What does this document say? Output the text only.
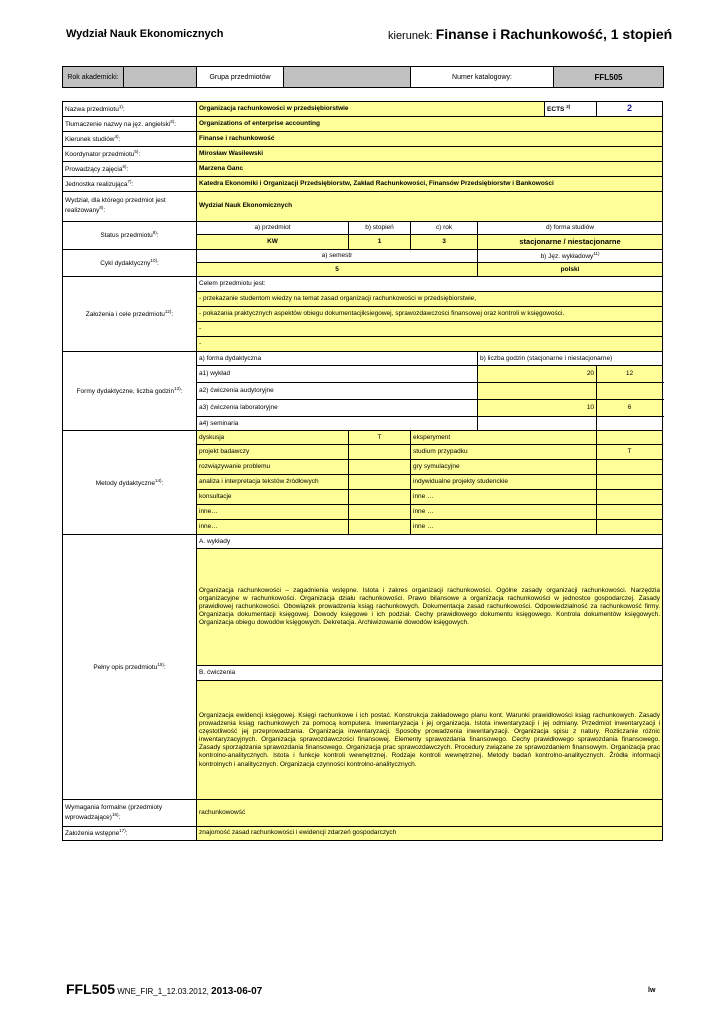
Wydział Nauk Ekonomicznych	kierunek: Finanse i Rachunkowość, 1 stopień
Rok akademicki:	Grupa przedmiotów	Numer katalogowy:	FFL505
Nazwa przedmiotu$^{1)}$:	Organizacja rachunkowości w przedsiębiorstwie				ECTS $^{2)}$	2
Tłumaczenie nazwy na jęz. angielski$^{3)}$:	Organizations of enterprise accounting					
Kierunek studiów$^{4)}$:	Finanse i rachunkowość					
Koordynator przedmiotu$^{5)}$:	Mirosław Wasilewski					
Prowadzący zajęcia$^{6)}$:	Marzena Ganc					
Jednostka realizująca$^{7)}$:	Katedra Ekonomiki i Organizacji Przedsiębiorstw, Zakład Rachunkowości, Finansów Przedsiębiorstw i Bankowości					
Wydział, dla którego przedmiot jest realizowany$^{8)}$:	Wydział Nauk Ekonomicznych					
Status przedmiotu$^{9)}$:	a) przedmiot	b) stopień	c) rok	d) forma studiów		
	KW	1	3	stacjonarne / niestacjonarne		
Cykl dydaktyczny$^{10)}$:	a) semestr			b) Jęz. wykładowy$^{11)}$
	5			polski		
Założenia i cele przedmiotu$^{12)}$:	Celem przedmiotu jest:					
	- przekazanie studentom wiedzy na temat zasad organizacji rachunkowości w przedsiębiorstwie,					
	- pokazania praktycznych aspektów obiegu dokumentacjiksiegowej, sprawozdawczości finansowej oraz kontroli w księgowości.					
	-					
	-					
Formy dydaktyczne, liczba godzin$^{13)}$:	a) forma dydaktyczna			b) liczba godzin (stacjonarne i niestacjonarne)		
	a1) wykład			20		12
	a2) ćwiczenia audytoryjne					
	a3) ćwiczenia laboratoryjne			10		6
	a4) seminaria					
Metody dydaktyczne$^{14)}$:	dyskusja	T	eksperyment			
	projekt badawczy		studium przypadku			T
	rozwiązywanie problemu		gry symulacyjne			
	analiza i interpretacja tekstów źródłowych		indywidualne projekty studenckie			
	konsultacje		inne …			
	inne…		inne …			
	inne…		inne …			
Pełny opis przedmiotu$^{15)}$:	A. wykłady					

	Organizacja rachunkowości – zagadnienia wstępne. Istota i zakres organizacji rachunkowości. Ogólne zasady organizacji rachunkowości. Narzędzia organizacyjne w rachunkowości. Organizacja działu rachunkowości. Prawo bilansowe a organizacja rachunkowości w jednostce gospodarczej. Zasady prawidłowej rachunkowości. Obowiązek prowadzenia ksiąg rachunkowych. Dokumentacja zasad rachunkowości. Odpowiedzialność za rachunkowość firmy. Organizacja dokumentacji księgowej. Dowody księgowe i ich podział. Cechy prawidłowego dokumentu księgowego. Kontrola dokumentów księgowych. Organizacja obiegu dowodów księgowych. Dekretacja. Archiwizowanie dowodów księgowych.					

	B. ćwiczenia					

	Organizacja ewidencji księgowej. Księgi rachunkowe i ich postać. Konstrukcja zakładowego planu kont. Warunki prawidłowości ksiąg rachunkowych. Zasady prowadzenia ksiąg rachunkowych za pomocą komputera. Inwentaryzacja i jej organizacja. Istota inwentaryzacji i jej odmiany. Przedmiot inwentaryzacji i częstotliwość jej przeprowadzania. Organizacja inwentaryzacji. Sposoby prowadzenia inwentaryzacji. Organizacja spisu z natury. Rozliczanie różnic inwentaryzacyjnych. Organizacja sprawozdawczości finansowej. Elementy sprawozdania finansowego. Cechy prawidłowego sprawozdania finansowego. Zasady sporządzania sprawozdania finansowego. Organizacja prac sprawozdawczych. Procedury związane ze sprawozdaniem finansowym. Organizacja prac kontrolno-analitycznych. Istota i funkcje kontroli wewnętrznej. Rodzaje kontroli wewnętrznej. Metody badań kontrolno-analitycznych. Źródła informacji kontrolnych i analitycznych. Organizacja czynności kontrolno-analitycznych.					

Wymagania formalne (przedmioty wprowadzające)$^{16)}$:	rachunkowowść					
Założenia wstępne$^{17)}$:	znajomość zasad rachunkowości i ewidencji zdarzeń gospodarczych					
FFL505 WNE_FIR_1_12.03.2012, 2013-06-07	lw
